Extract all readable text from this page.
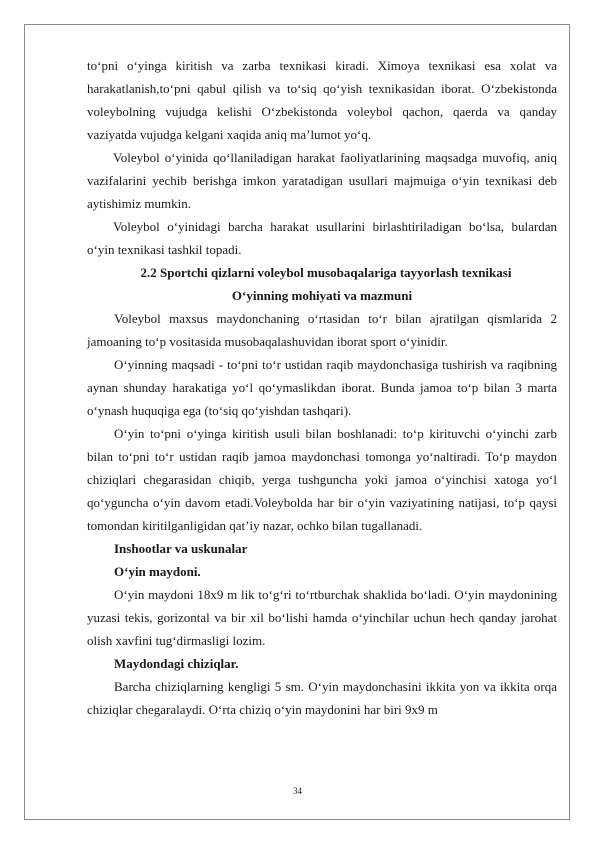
to‘pni o‘yinga kiritish va zarba texnikasi kiradi. Ximoya texnikasi esa xolat va harakatlanish,to‘pni qabul qilish va to‘siq qo‘yish texnikasidan iborat. O‘zbekistonda voleybolning vujudga kelishi O‘zbekistonda voleybol qachon, qaerda va qanday vaziyatda vujudga kelgani xaqida aniq ma’lumot yo‘q.

Voleybol o‘yinida qo‘llaniladigan harakat faoliyatlarining maqsadga muvofiq, aniq vazifalarini yechib berishga imkon yaratadigan usullari majmuiga o‘yin texnikasi deb aytishimiz mumkin.

Voleybol o‘yinidagi barcha harakat usullarini birlashtiriladigan bo‘lsa, bulardan o‘yin texnikasi tashkil topadi.

2.2 Sportchi qizlarni voleybol musobaqalariga tayyorlash texnikasi

O‘yinning mohiyati va mazmuni

Voleybol maxsus maydonchaning o‘rtasidan to‘r bilan ajratilgan qismlarida 2 jamoaning to‘p vositasida musobaqalashuvidan iborat sport o‘yinidir.

O‘yinning maqsadi - to‘pni to‘r ustidan raqib maydonchasiga tushirish va raqibning aynan shunday harakatiga yo‘l qo‘ymaslikdan iborat. Bunda jamoa to‘p bilan 3 marta o‘ynash huquqiga ega (to‘siq qo‘yishdan tashqari).

O‘yin to‘pni o‘yinga kiritish usuli bilan boshlanadi: to‘p kirituvchi o‘yinchi zarb bilan to‘pni to‘r ustidan raqib jamoa maydonchasi tomonga yo‘naltiradi. To‘p maydon chiziqlari chegarasidan chiqib, yerga tushguncha yoki jamoa o‘yinchisi xatoga yo‘l qo‘yguncha o‘yin davom etadi.Voleybolda har bir o‘yin vaziyatining natijasi, to‘p qaysi tomondan kiritilganligidan qat’iy nazar, ochko bilan tugallanadi.

Inshootlar va uskunalar

O‘yin maydoni.

O‘yin maydoni 18x9 m lik to‘g‘ri to‘rtburchak shaklida bo‘ladi. O‘yin maydonining yuzasi tekis, gorizontal va bir xil bo‘lishi hamda o‘yinchilar uchun hech qanday jarohat olish xavfini tug‘dirmasligi lozim.

Maydondagi chiziqlar.

Barcha chiziqlarning kengligi 5 sm. O‘yin maydonchasini ikkita yon va ikkita orqa chiziqlar chegaralaydi. O‘rta chiziq o‘yin maydonini har biri 9x9 m

34
